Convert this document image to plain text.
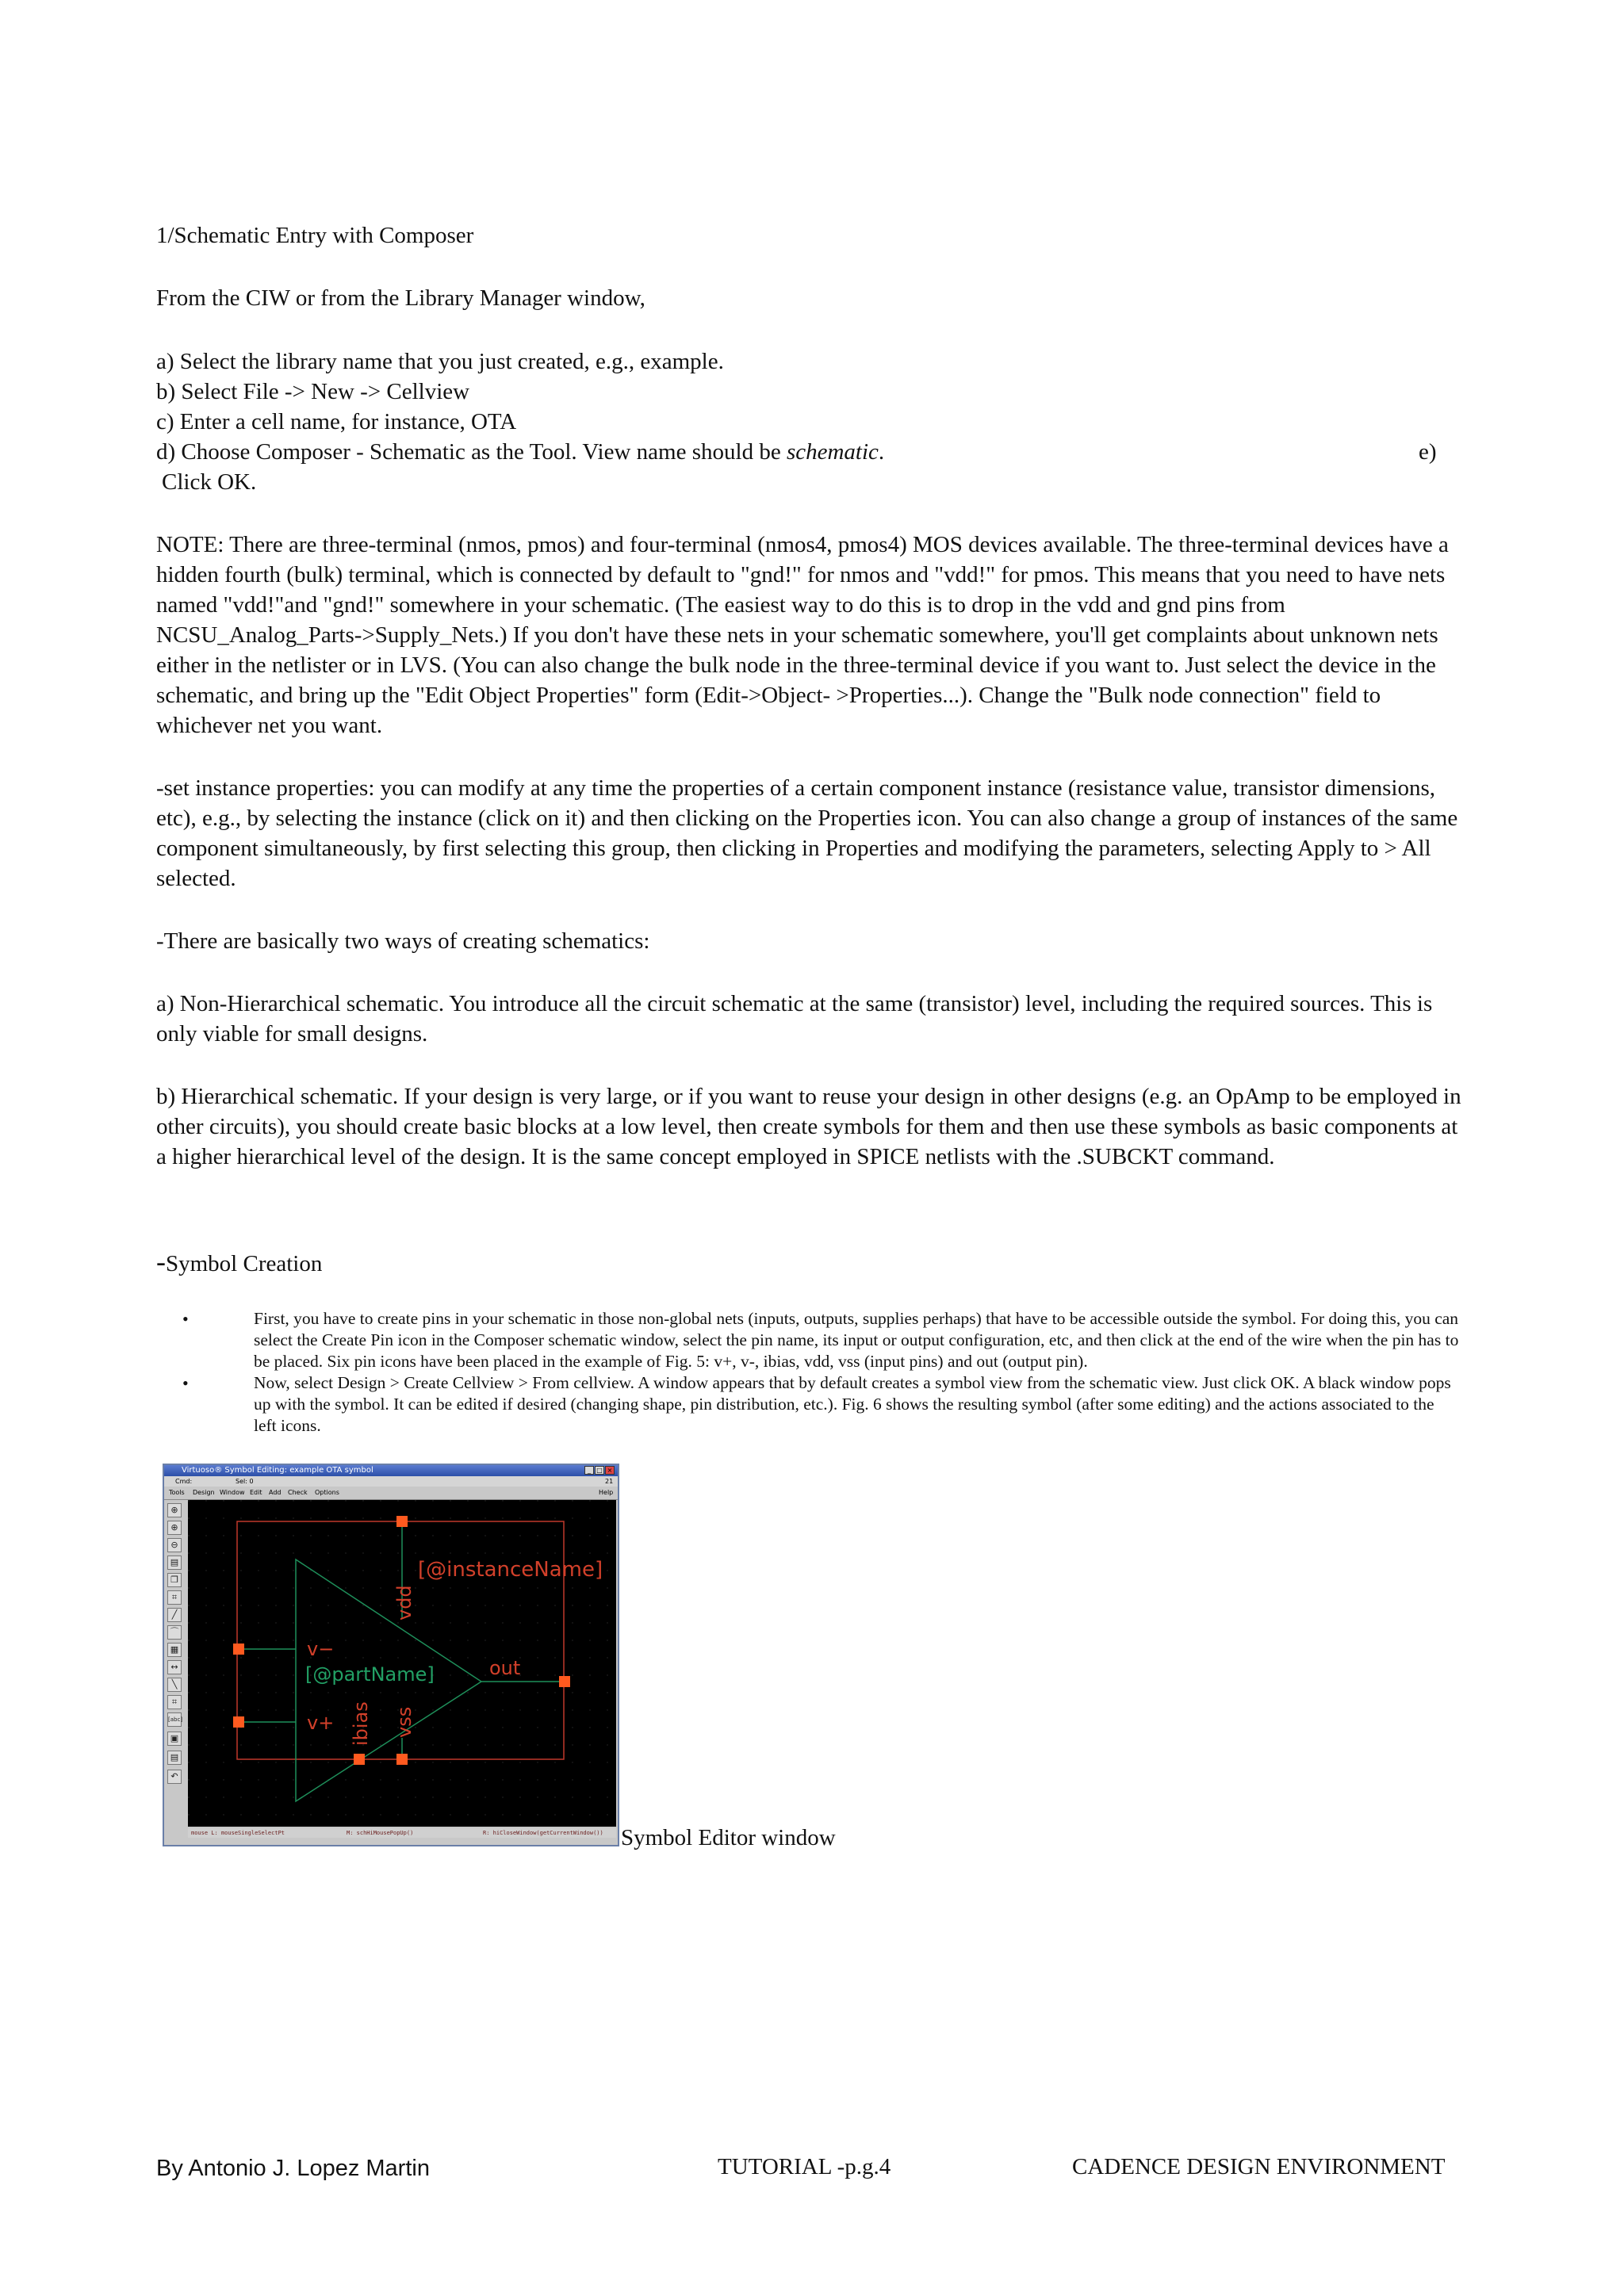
1/Schematic Entry with Composer

From the CIW or from the Library Manager window,

a) Select the library name that you just created, e.g., example.

b) Select File -> New -> Cellview

c) Enter a cell name, for instance, OTA

d) Choose Composer - Schematic as the Tool. View name should be schematic.	e)

Click OK.

NOTE: There are three-terminal (nmos, pmos) and four-terminal (nmos4, pmos4) MOS devices available. The three-terminal devices have a hidden fourth (bulk) terminal, which is connected by default to "gnd!" for nmos and "vdd!" for pmos. This means that you need to have nets named "vdd!"and "gnd!" somewhere in your schematic. (The easiest way to do this is to drop in the vdd and gnd pins from NCSU_Analog_Parts->Supply_Nets.) If you don't have these nets in your schematic somewhere, you'll get complaints about unknown nets either in the netlister or in LVS. (You can also change the bulk node in the three-terminal device if you want to. Just select the device in the schematic, and bring up the "Edit Object Properties" form (Edit->Object- >Properties...). Change the "Bulk node connection" field to whichever net you want.

-set instance properties: you can modify at any time the properties of a certain component instance (resistance value, transistor dimensions, etc), e.g., by selecting the instance (click on it) and then clicking on the Properties icon. You can also change a group of instances of the same component simultaneously, by first selecting this group, then clicking in Properties and modifying the parameters, selecting Apply to > All selected.

-There are basically two ways of creating schematics:

a) Non-Hierarchical schematic. You introduce all the circuit schematic at the same (transistor) level, including the required sources. This is only viable for small designs.

b) Hierarchical schematic. If your design is very large, or if you want to reuse your design in other designs (e.g. an OpAmp to be employed in other circuits), you should create basic blocks at a low level, then create symbols for them and then use these symbols as basic components at a higher hierarchical level of the design. It is the same concept employed in SPICE netlists with the .SUBCKT command.

-Symbol Creation

•	First, you have to create pins in your schematic in those non-global nets (inputs, outputs, supplies perhaps) that have to be accessible outside the symbol. For doing this, you can select the Create Pin icon in the Composer schematic window, select the pin name, its input or output configuration, etc, and then click at the end of the wire when the pin has to be placed. Six pin icons have been placed in the example of Fig. 5: v+, v-, ibias, vdd, vss (input pins) and out (output pin).
•	Now, select Design > Create Cellview > From cellview. A window appears that by default creates a symbol view from the schematic view. Just click OK. A black window pops up with the symbol. It can be edited if desired (changing shape, pin distribution, etc.). Fig. 6 shows the resulting symbol (after some editing) and the actions associated to the left icons.
Virtuoso® Symbol Editing: example OTA symbol	_ □ ×
Cmd:	Sel: 0	21
Tools Design Window Edit Add Check Options	Help
⊕
⊕
⊖
▤
❐
⌗
╱
⌒
▦
↔
╲
⌗
[abc]
▣
▤
↶
[@instanceName]
[@partName]
v−
v+
out
vdd
vss
ibias
mouse L: mouseSingleSelectPt	M: schHiMousePopUp()	R: hiCloseWindow(getCurrentWindow()) Symbol Editor window

By Antonio J. Lopez Martin	TUTORIAL -p.g.4	CADENCE DESIGN ENVIRONMENT
